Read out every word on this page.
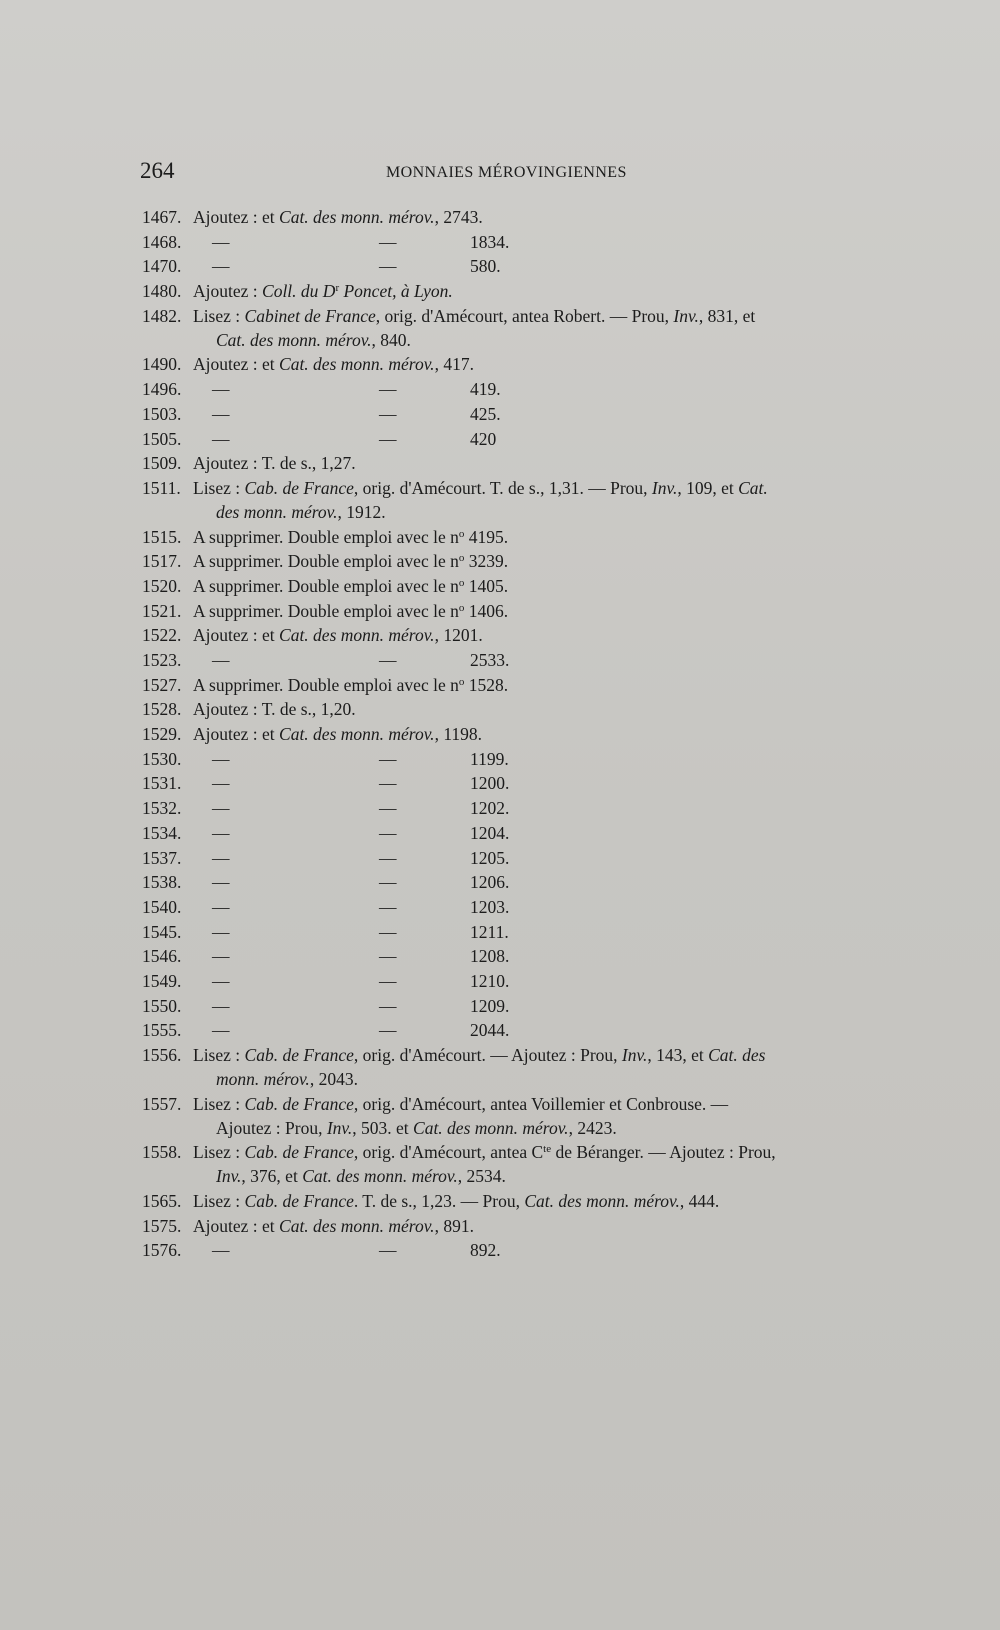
264	MONNAIES MÉROVINGIENNES
1467. Ajoutez : et Cat. des monn. mérov., 2743.
1468. —	—	1834.
1470. —	—	580.
1480. Ajoutez : Coll. du $D^r$ Poncet, à Lyon.
1482. Lisez : Cabinet de France, orig. d'Amécourt, antea Robert. — Prou, Inv., 831, et
Cat. des monn. mérov., 840.
1490. Ajoutez : et Cat. des monn. mérov., 417.
1496. —	—	419.
1503. —	—	425.
1505. —	—	420
1509. Ajoutez : T. de s., 1,27.
1511. Lisez : Cab. de France, orig. d'Amécourt. T. de s., 1,31. — Prou, Inv., 109, et Cat.
des monn. mérov., 1912.
1515. A supprimer. Double emploi avec le $n^o$ 4195.
1517. A supprimer. Double emploi avec le $n^o$ 3239.
1520. A supprimer. Double emploi avec le $n^o$ 1405.
1521. A supprimer. Double emploi avec le $n^o$ 1406.
1522. Ajoutez : et Cat. des monn. mérov., 1201.
1523. —	—	2533.
1527. A supprimer. Double emploi avec le $n^o$ 1528.
1528. Ajoutez : T. de s., 1,20.
1529. Ajoutez : et Cat. des monn. mérov., 1198.
1530. —	—	1199.
1531. —	—	1200.
1532. —	—	1202.
1534. —	—	1204.
1537. —	—	1205.
1538. —	—	1206.
1540. —	—	1203.
1545. —	—	1211.
1546. —	—	1208.
1549. —	—	1210.
1550. —	—	1209.
1555. —	—	2044.
1556. Lisez : Cab. de France, orig. d'Amécourt. — Ajoutez : Prou, Inv., 143, et Cat. des
monn. mérov., 2043.
1557. Lisez : Cab. de France, orig. d'Amécourt, antea Voillemier et Conbrouse. —
Ajoutez : Prou, Inv., 503. et Cat. des monn. mérov., 2423.
1558. Lisez : Cab. de France, orig. d'Amécourt, antea $C^{te}$ de Béranger. — Ajoutez : Prou,
Inv., 376, et Cat. des monn. mérov., 2534.
1565. Lisez : Cab. de France. T. de s., 1,23. — Prou, Cat. des monn. mérov., 444.
1575. Ajoutez : et Cat. des monn. mérov., 891.
1576. —	—	892.
